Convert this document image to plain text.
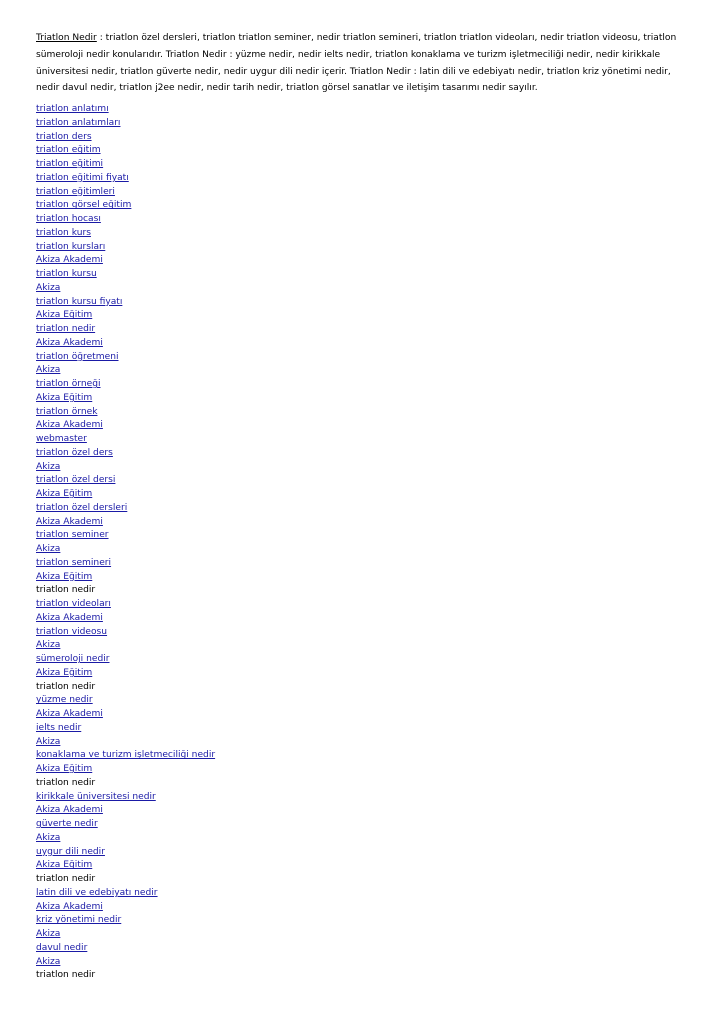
Triatlon Nedir : triatlon özel dersleri, triatlon triatlon seminer, nedir triatlon semineri, triatlon triatlon videoları, nedir triatlon videosu, triatlon sümeroloji nedir konularıdır. Triatlon Nedir : yüzme nedir, nedir ielts nedir, triatlon konaklama ve turizm işletmeciliği nedir, nedir kirikkale üniversitesi nedir, triatlon güverte nedir, nedir uygur dili nedir içerir. Triatlon Nedir : latin dili ve edebiyatı nedir, triatlon kriz yönetimi nedir, nedir davul nedir, triatlon j2ee nedir, nedir tarih nedir, triatlon görsel sanatlar ve iletişim tasarımı nedir sayılır.

triatlon anlatımı
triatlon anlatımları
triatlon ders
triatlon eğitim
triatlon eğitimi
triatlon eğitimi fiyatı
triatlon eğitimleri
triatlon görsel eğitim
triatlon hocası
triatlon kurs
triatlon kursları
Akiza Akademi
triatlon kursu
Akiza
triatlon kursu fiyatı
Akiza Eğitim
triatlon nedir
Akiza Akademi
triatlon öğretmeni
Akiza
triatlon örneği
Akiza Eğitim
triatlon örnek
Akiza Akademi
webmaster
triatlon özel ders
Akiza
triatlon özel dersi
Akiza Eğitim
triatlon özel dersleri
Akiza Akademi
triatlon seminer
Akiza
triatlon semineri
Akiza Eğitim
triatlon nedir
triatlon videoları
Akiza Akademi
triatlon videosu
Akiza
sümeroloji nedir
Akiza Eğitim
triatlon nedir
yüzme nedir
Akiza Akademi
ielts nedir
Akiza
konaklama ve turizm işletmeciliği nedir
Akiza Eğitim
triatlon nedir
kirikkale üniversitesi nedir
Akiza Akademi
güverte nedir
Akiza
uygur dili nedir
Akiza Eğitim
triatlon nedir
latin dili ve edebiyatı nedir
Akiza Akademi
kriz yönetimi nedir
Akiza
davul nedir
Akiza
triatlon nedir
